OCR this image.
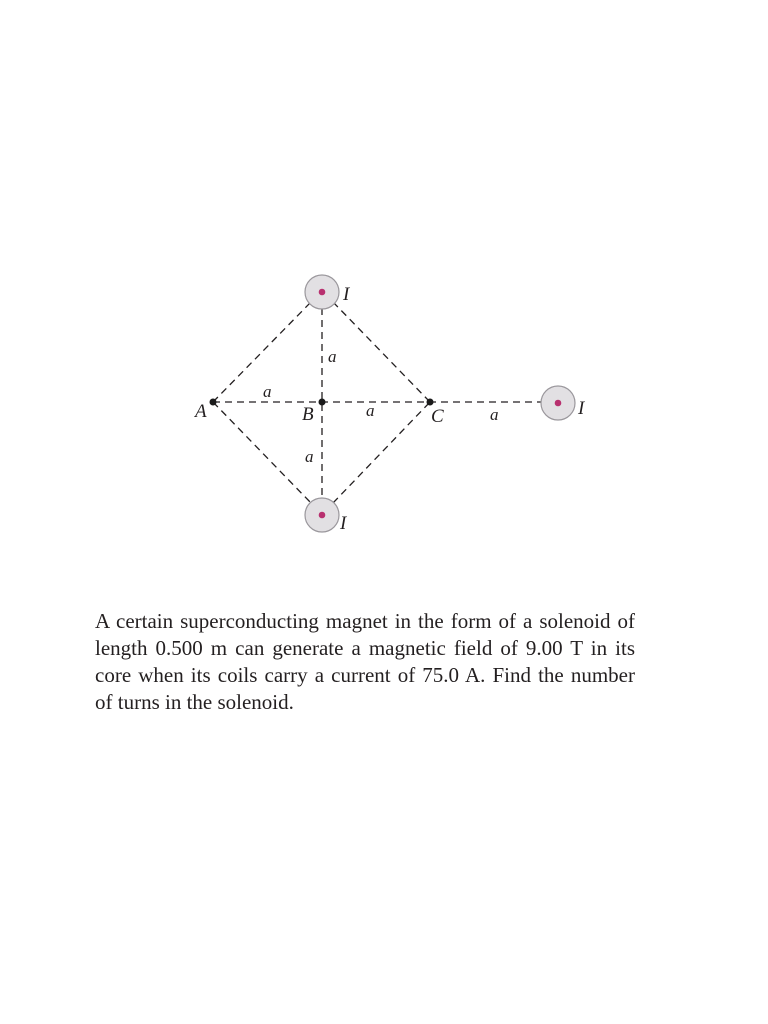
A	B	C
a
a
a	a
a
I
I
I

A certain superconducting magnet in the form of a solenoid of length 0.500 m can generate a magnetic field of 9.00 T in its core when its coils carry a current of 75.0 A. Find the number of turns in the solenoid.
